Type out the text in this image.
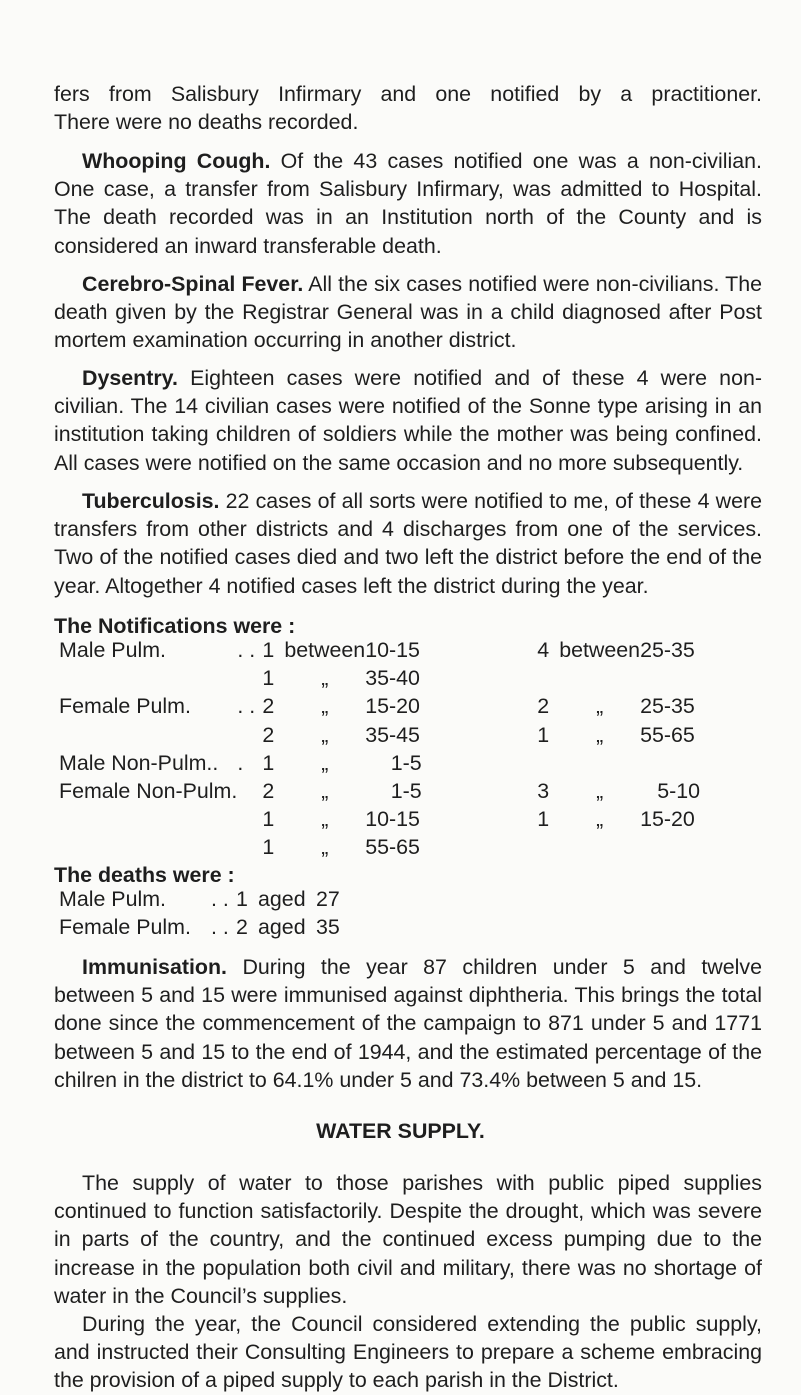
fers from Salisbury Infirmary and one notified by a practitioner.

There were no deaths recorded.

Whooping Cough. Of the 43 cases notified one was a non-civilian. One case, a transfer from Salisbury Infirmary, was admitted to Hospital. The death recorded was in an Institution north of the County and is considered an inward transferable death.

Cerebro-Spinal Fever. All the six cases notified were non-civilians. The death given by the Registrar General was in a child diagnosed after Post mortem examination occurring in another district.

Dysentry. Eighteen cases were notified and of these 4 were non-civilian. The 14 civilian cases were notified of the Sonne type arising in an institution taking children of soldiers while the mother was being confined. All cases were notified on the same occasion and no more subsequently.

Tuberculosis. 22 cases of all sorts were notified to me, of these 4 were transfers from other districts and 4 discharges from one of the services. Two of the notified cases died and two left the district before the end of the year. Altogether 4 notified cases left the district during the year.

The Notifications were :
Male Pulm.	. .	1	between	10-15		4	between	25-35
		1	„	35-40				
Female Pulm.	. .	2	„	15-20		2	„	25-35
		2	„	35-45		1	„	55-65
Male Non-Pulm..	.	1	„	1-5				
Female Non-Pulm.		2	„	1-5		3	„	5-10
		1	„	10-15		1	„	15-20
		1	„	55-65				
The deaths were :
Male Pulm.	. .	1	aged	27
Female Pulm.	. .	2	aged	35

Immunisation. During the year 87 children under 5 and twelve between 5 and 15 were immunised against diphtheria. This brings the total done since the commencement of the campaign to 871 under 5 and 1771 between 5 and 15 to the end of 1944, and the estimated percentage of the chilren in the district to 64.1% under 5 and 73.4% between 5 and 15.

WATER SUPPLY.

The supply of water to those parishes with public piped supplies continued to function satisfactorily. Despite the drought, which was severe in parts of the country, and the continued excess pumping due to the increase in the population both civil and military, there was no shortage of water in the Council’s supplies.

During the year, the Council considered extending the public supply, and instructed their Consulting Engineers to prepare a scheme embracing the provision of a piped supply to each parish in the District.
